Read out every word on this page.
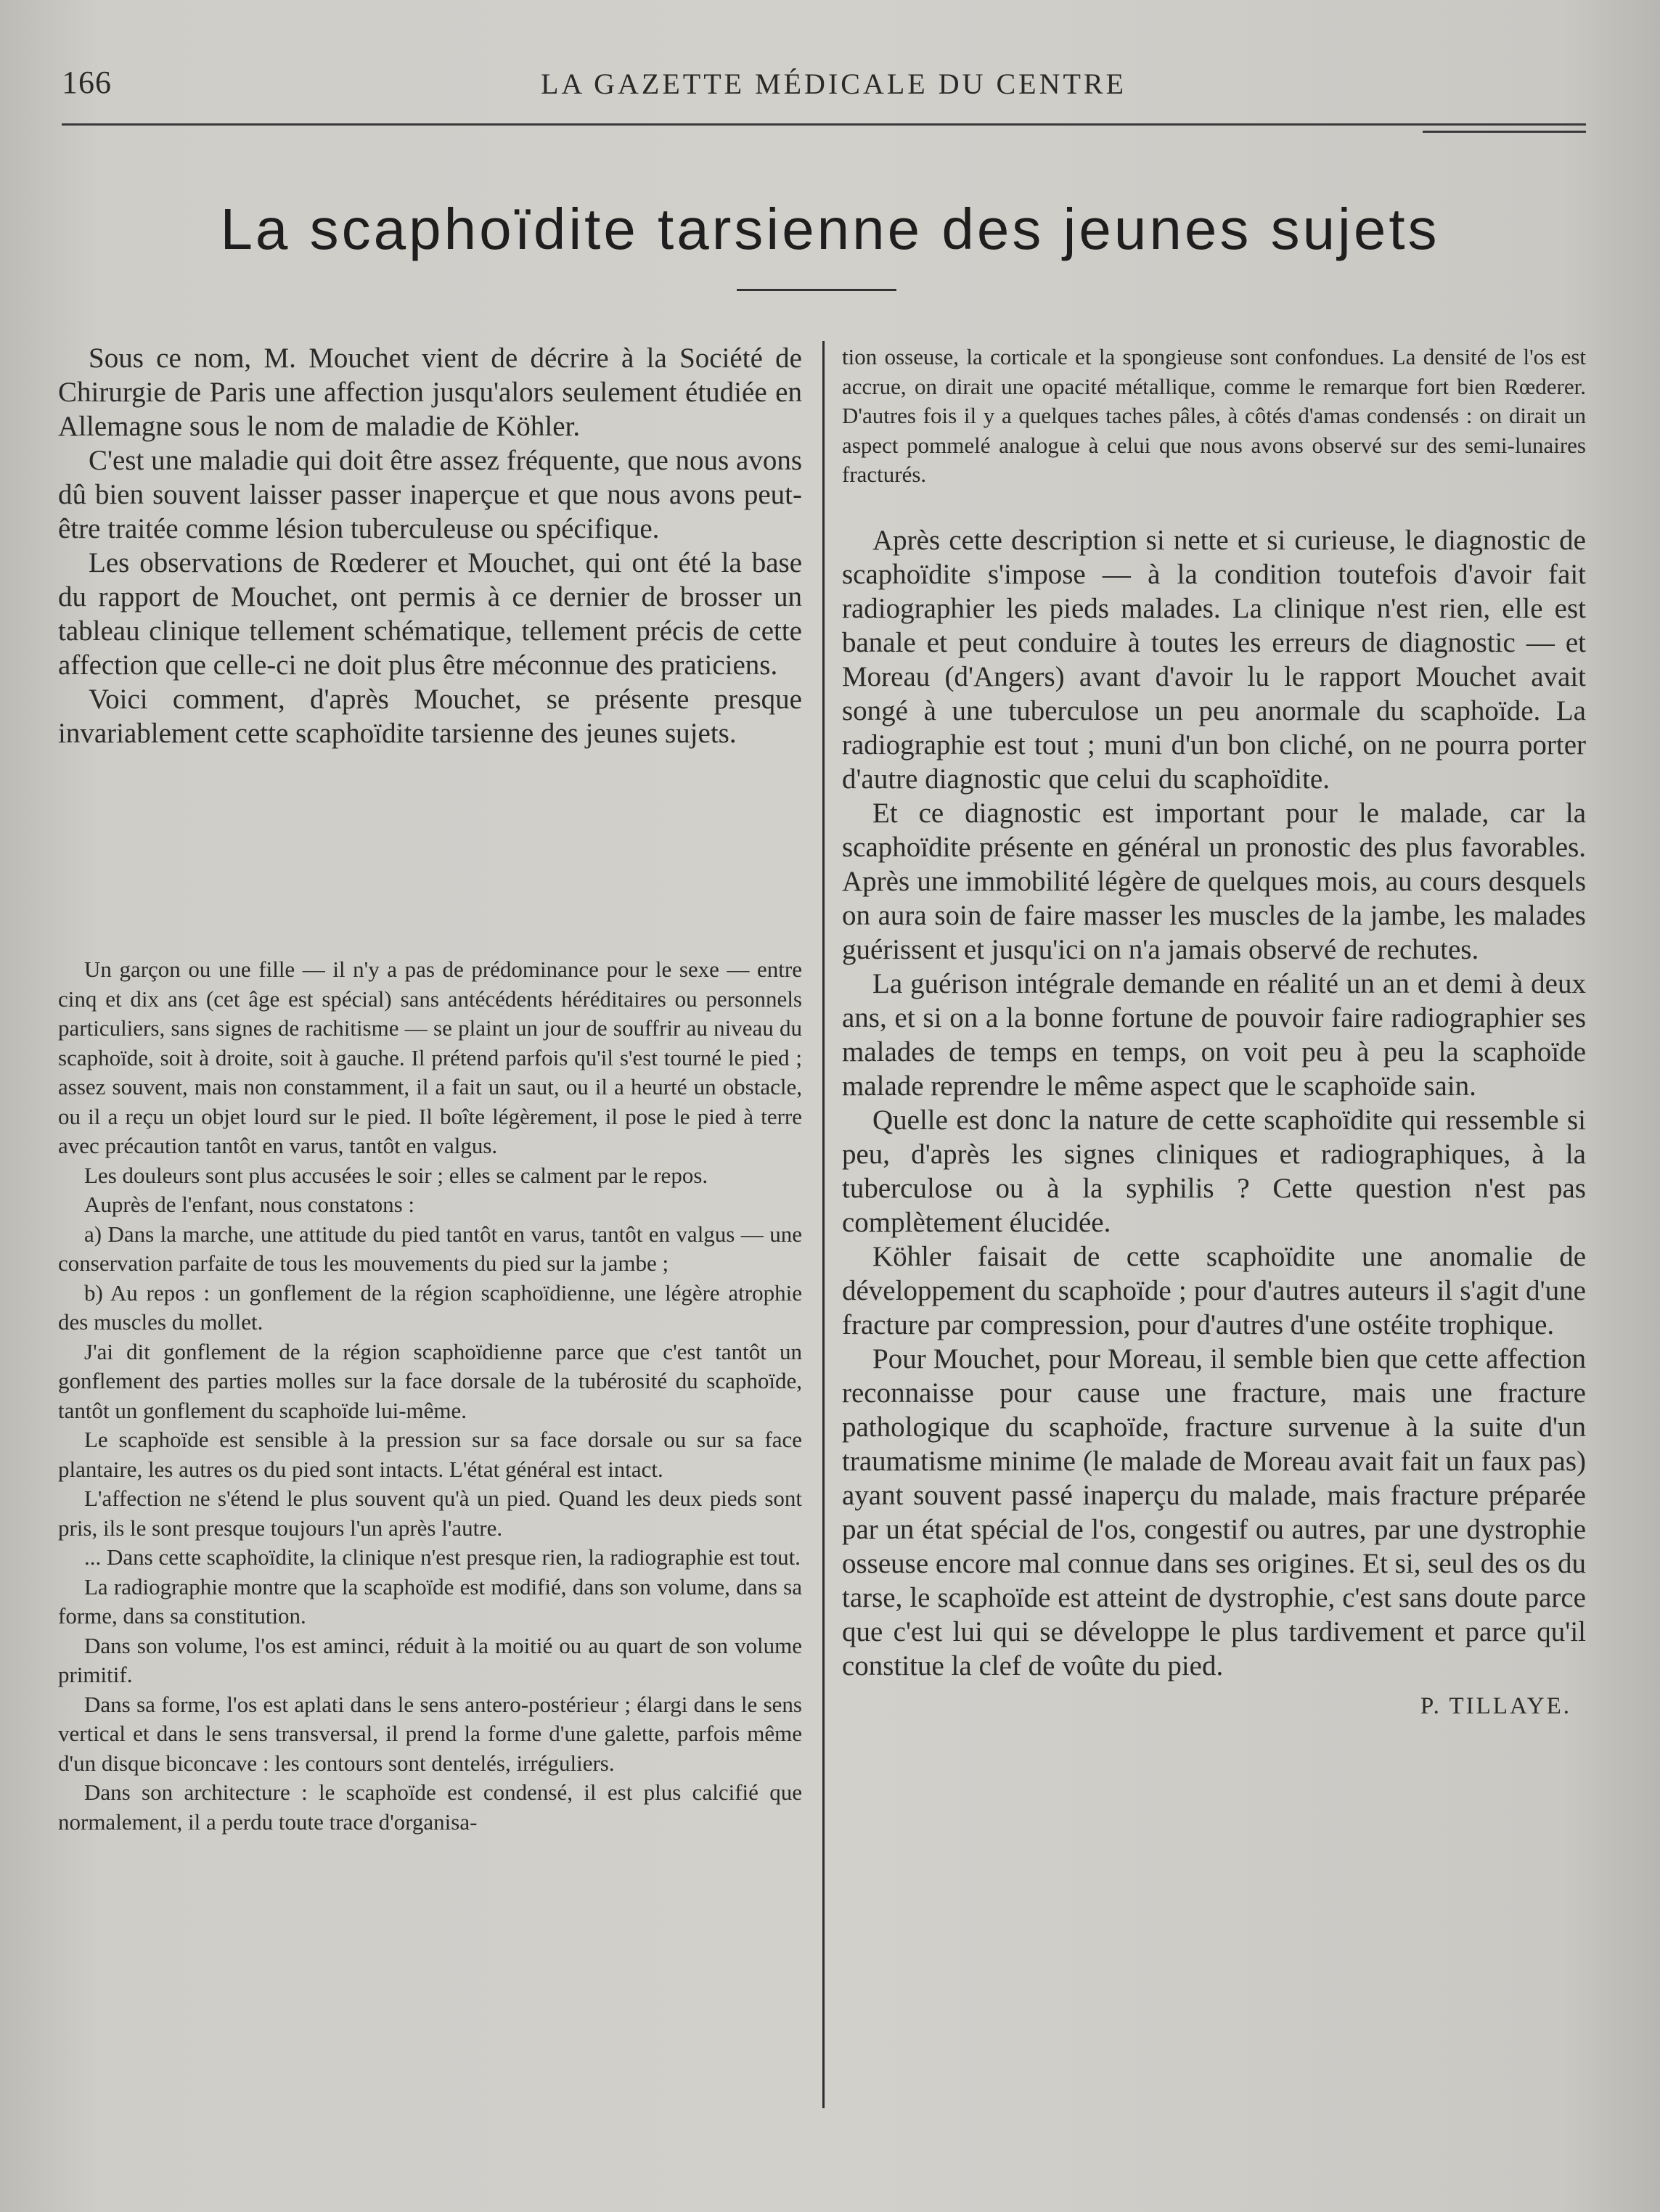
166	LA GAZETTE MÉDICALE DU CENTRE
La scaphoïdite tarsienne des jeunes sujets

Sous ce nom, M. Mouchet vient de décrire à la Société de Chirurgie de Paris une affection jusqu'alors seulement étudiée en Allemagne sous le nom de maladie de Köhler.

C'est une maladie qui doit être assez fréquente, que nous avons dû bien souvent laisser passer inaperçue et que nous avons peut-être traitée comme lésion tuberculeuse ou spécifique.

Les observations de Rœderer et Mouchet, qui ont été la base du rapport de Mouchet, ont permis à ce dernier de brosser un tableau clinique tellement schématique, tellement précis de cette affection que celle-ci ne doit plus être méconnue des praticiens.

Voici comment, d'après Mouchet, se présente presque invariablement cette scaphoïdite tarsienne des jeunes sujets.

Un garçon ou une fille — il n'y a pas de prédominance pour le sexe — entre cinq et dix ans (cet âge est spécial) sans antécédents héréditaires ou personnels particuliers, sans signes de rachitisme — se plaint un jour de souffrir au niveau du scaphoïde, soit à droite, soit à gauche. Il prétend parfois qu'il s'est tourné le pied ; assez souvent, mais non constamment, il a fait un saut, ou il a heurté un obstacle, ou il a reçu un objet lourd sur le pied. Il boîte légèrement, il pose le pied à terre avec précaution tantôt en varus, tantôt en valgus.

Les douleurs sont plus accusées le soir ; elles se calment par le repos.

Auprès de l'enfant, nous constatons :

a) Dans la marche, une attitude du pied tantôt en varus, tantôt en valgus — une conservation parfaite de tous les mouvements du pied sur la jambe ;

b) Au repos : un gonflement de la région scaphoïdienne, une légère atrophie des muscles du mollet.

J'ai dit gonflement de la région scaphoïdienne parce que c'est tantôt un gonflement des parties molles sur la face dorsale de la tubérosité du scaphoïde, tantôt un gonflement du scaphoïde lui-même.

Le scaphoïde est sensible à la pression sur sa face dorsale ou sur sa face plantaire, les autres os du pied sont intacts. L'état général est intact.

L'affection ne s'étend le plus souvent qu'à un pied. Quand les deux pieds sont pris, ils le sont presque toujours l'un après l'autre.

... Dans cette scaphoïdite, la clinique n'est presque rien, la radiographie est tout.

La radiographie montre que la scaphoïde est modifié, dans son volume, dans sa forme, dans sa constitution.

Dans son volume, l'os est aminci, réduit à la moitié ou au quart de son volume primitif.

Dans sa forme, l'os est aplati dans le sens antero-postérieur ; élargi dans le sens vertical et dans le sens transversal, il prend la forme d'une galette, parfois même d'un disque biconcave : les contours sont dentelés, irréguliers.

Dans son architecture : le scaphoïde est condensé, il est plus calcifié que normalement, il a perdu toute trace d'organisa-

tion osseuse, la corticale et la spongieuse sont confondues. La densité de l'os est accrue, on dirait une opacité métallique, comme le remarque fort bien Rœderer. D'autres fois il y a quelques taches pâles, à côtés d'amas condensés : on dirait un aspect pommelé analogue à celui que nous avons observé sur des semi-lunaires fracturés.

Après cette description si nette et si curieuse, le diagnostic de scaphoïdite s'impose — à la condition toutefois d'avoir fait radiographier les pieds malades. La clinique n'est rien, elle est banale et peut conduire à toutes les erreurs de diagnostic — et Moreau (d'Angers) avant d'avoir lu le rapport Mouchet avait songé à une tuberculose un peu anormale du scaphoïde. La radiographie est tout ; muni d'un bon cliché, on ne pourra porter d'autre diagnostic que celui du scaphoïdite.

Et ce diagnostic est important pour le malade, car la scaphoïdite présente en général un pronostic des plus favorables. Après une immobilité légère de quelques mois, au cours desquels on aura soin de faire masser les muscles de la jambe, les malades guérissent et jusqu'ici on n'a jamais observé de rechutes.

La guérison intégrale demande en réalité un an et demi à deux ans, et si on a la bonne fortune de pouvoir faire radiographier ses malades de temps en temps, on voit peu à peu la scaphoïde malade reprendre le même aspect que le scaphoïde sain.

Quelle est donc la nature de cette scaphoïdite qui ressemble si peu, d'après les signes cliniques et radiographiques, à la tuberculose ou à la syphilis ? Cette question n'est pas complètement élucidée.

Köhler faisait de cette scaphoïdite une anomalie de développement du scaphoïde ; pour d'autres auteurs il s'agit d'une fracture par compression, pour d'autres d'une ostéite trophique.

Pour Mouchet, pour Moreau, il semble bien que cette affection reconnaisse pour cause une fracture, mais une fracture pathologique du scaphoïde, fracture survenue à la suite d'un traumatisme minime (le malade de Moreau avait fait un faux pas) ayant souvent passé inaperçu du malade, mais fracture préparée par un état spécial de l'os, congestif ou autres, par une dystrophie osseuse encore mal connue dans ses origines. Et si, seul des os du tarse, le scaphoïde est atteint de dystrophie, c'est sans doute parce que c'est lui qui se développe le plus tardivement et parce qu'il constitue la clef de voûte du pied.

P. TILLAYE.
